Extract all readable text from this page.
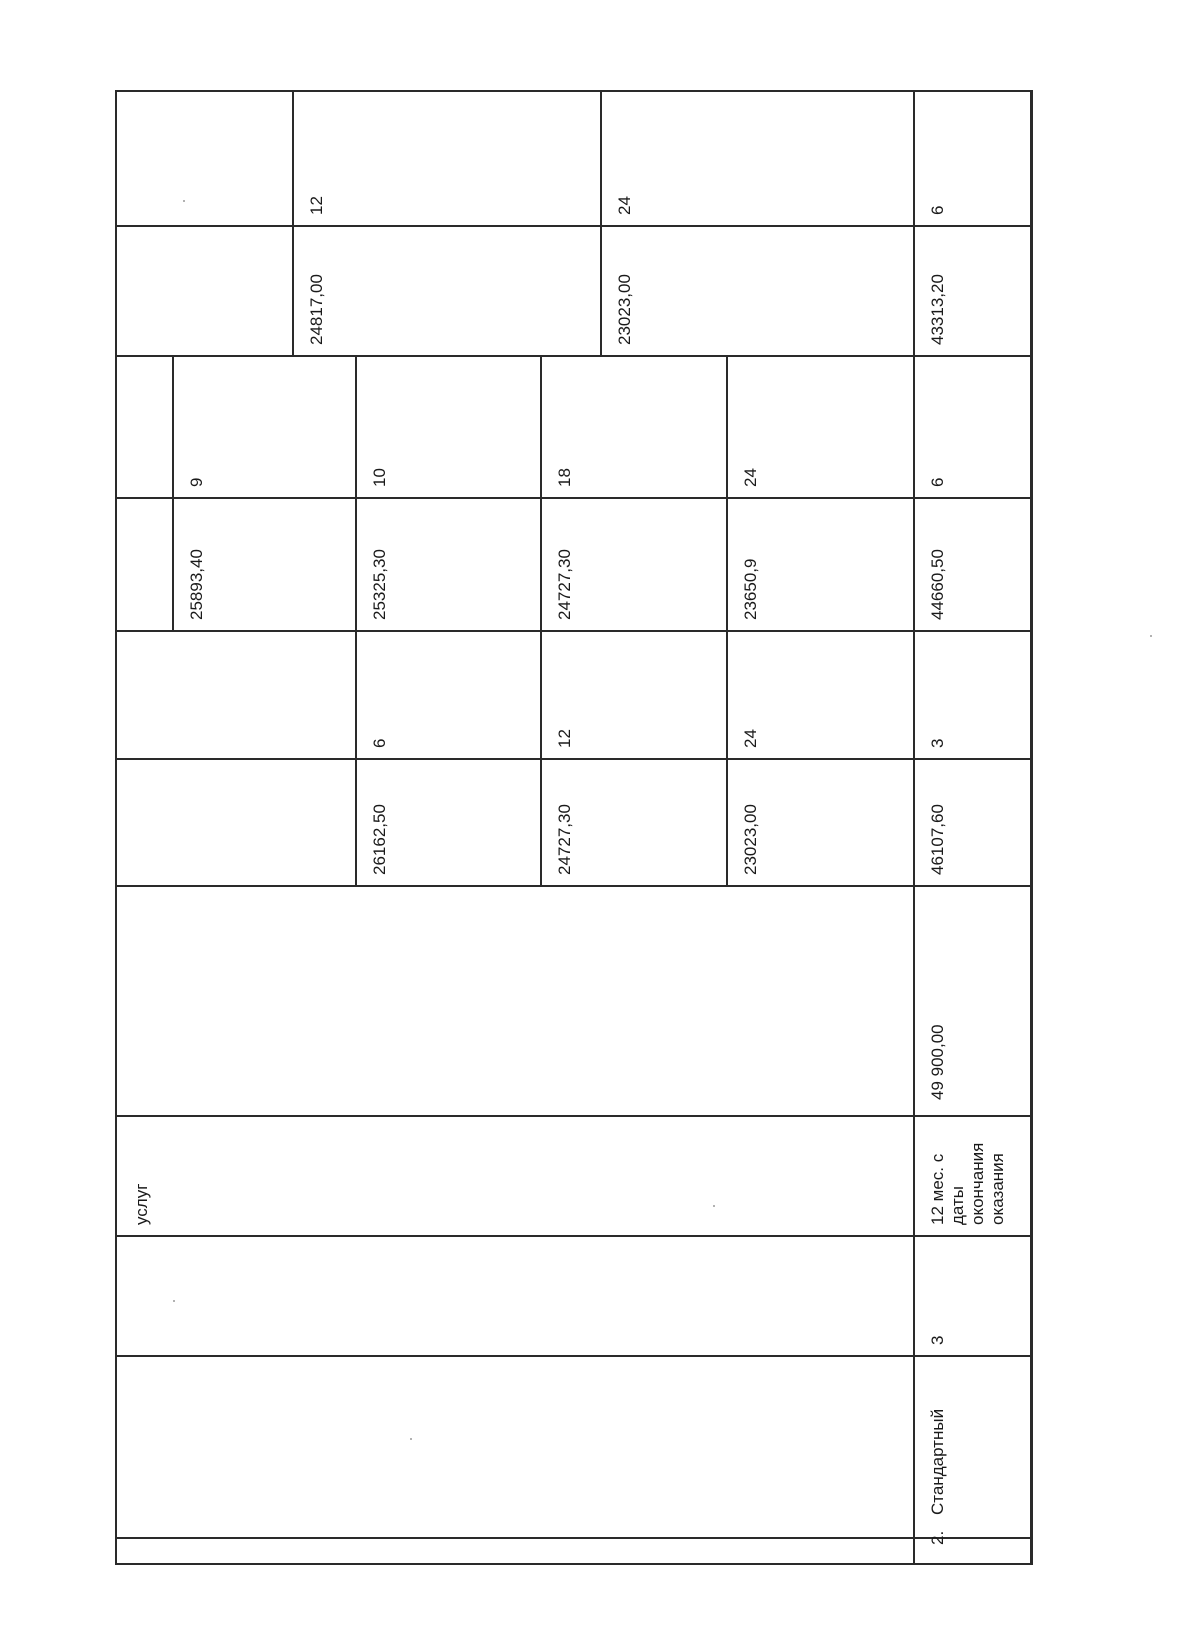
2.
Стандартный
3
12 мес. с даты окончания оказания
49 900,00
услуг
46107,60
3
26162,50
6
24727,30
12
23023,00
24
44660,50
6
25893,40
9
25325,30
10
24727,30
18
23650,9
24
43313,20
6
24817,00
12
23023,00
24
